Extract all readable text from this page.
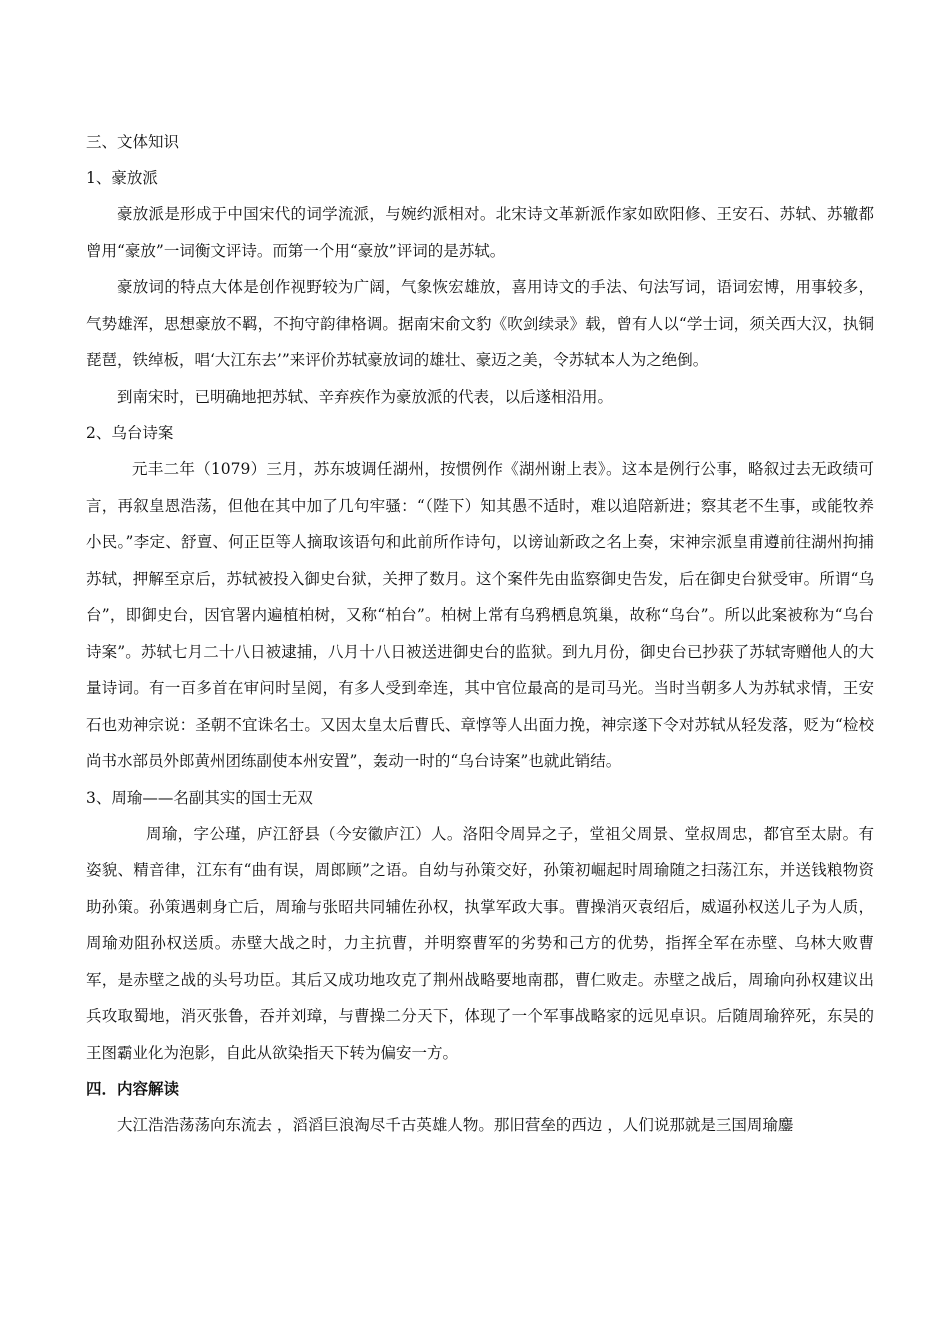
三、文体知识
1、豪放派

豪放派是形成于中国宋代的词学流派，与婉约派相对。北宋诗文革新派作家如欧阳修、王安石、苏轼、苏辙都曾用“豪放”一词衡文评诗。而第一个用“豪放”评词的是苏轼。

豪放词的特点大体是创作视野较为广阔，气象恢宏雄放，喜用诗文的手法、句法写词，语词宏博，用事较多，气势雄浑，思想豪放不羁，不拘守韵律格调。据南宋俞文豹《吹剑续录》载，曾有人以“学士词，须关西大汉，执铜琵琶，铁绰板，唱‘大江东去’”来评价苏轼豪放词的雄壮、豪迈之美，令苏轼本人为之绝倒。

到南宋时，已明确地把苏轼、辛弃疾作为豪放派的代表，以后遂相沿用。

2、乌台诗案

元丰二年（1079）三月，苏东坡调任湖州，按惯例作《湖州谢上表》。这本是例行公事，略叙过去无政绩可言，再叙皇恩浩荡，但他在其中加了几句牢骚：“（陛下）知其愚不适时，难以追陪新进；察其老不生事，或能牧养小民。”李定、舒亶、何正臣等人摘取该语句和此前所作诗句，以谤讪新政之名上奏，宋神宗派皇甫遵前往湖州拘捕苏轼，押解至京后，苏轼被投入御史台狱，关押了数月。这个案件先由监察御史告发，后在御史台狱受审。所谓“乌台”，即御史台，因官署内遍植柏树，又称“柏台”。柏树上常有乌鸦栖息筑巢，故称“乌台”。所以此案被称为“乌台诗案”。苏轼七月二十八日被逮捕，八月十八日被送进御史台的监狱。到九月份，御史台已抄获了苏轼寄赠他人的大量诗词。有一百多首在审问时呈阅，有多人受到牵连，其中官位最高的是司马光。当时当朝多人为苏轼求情，王安石也劝神宗说：圣朝不宜诛名士。又因太皇太后曹氏、章惇等人出面力挽，神宗遂下令对苏轼从轻发落，贬为“检校尚书水部员外郎黄州团练副使本州安置”，轰动一时的“乌台诗案”也就此销结。

3、周瑜——名副其实的国士无双

周瑜，字公瑾，庐江舒县（今安徽庐江）人。洛阳令周异之子，堂祖父周景、堂叔周忠，都官至太尉。有姿貌、精音律，江东有“曲有误，周郎顾”之语。自幼与孙策交好，孙策初崛起时周瑜随之扫荡江东，并送钱粮物资助孙策。孙策遇刺身亡后，周瑜与张昭共同辅佐孙权，执掌军政大事。曹操消灭袁绍后，威逼孙权送儿子为人质，周瑜劝阻孙权送质。赤壁大战之时，力主抗曹，并明察曹军的劣势和己方的优势，指挥全军在赤壁、乌林大败曹军，是赤壁之战的头号功臣。其后又成功地攻克了荆州战略要地南郡，曹仁败走。赤壁之战后，周瑜向孙权建议出兵攻取蜀地，消灭张鲁，吞并刘璋，与曹操二分天下，体现了一个军事战略家的远见卓识。后随周瑜猝死，东吴的王图霸业化为泡影，自此从欲染指天下转为偏安一方。

四．内容解读

大江浩浩荡荡向东流去 ，滔滔巨浪淘尽千古英雄人物。那旧营垒的西边 ，人们说那就是三国周瑜鏖
